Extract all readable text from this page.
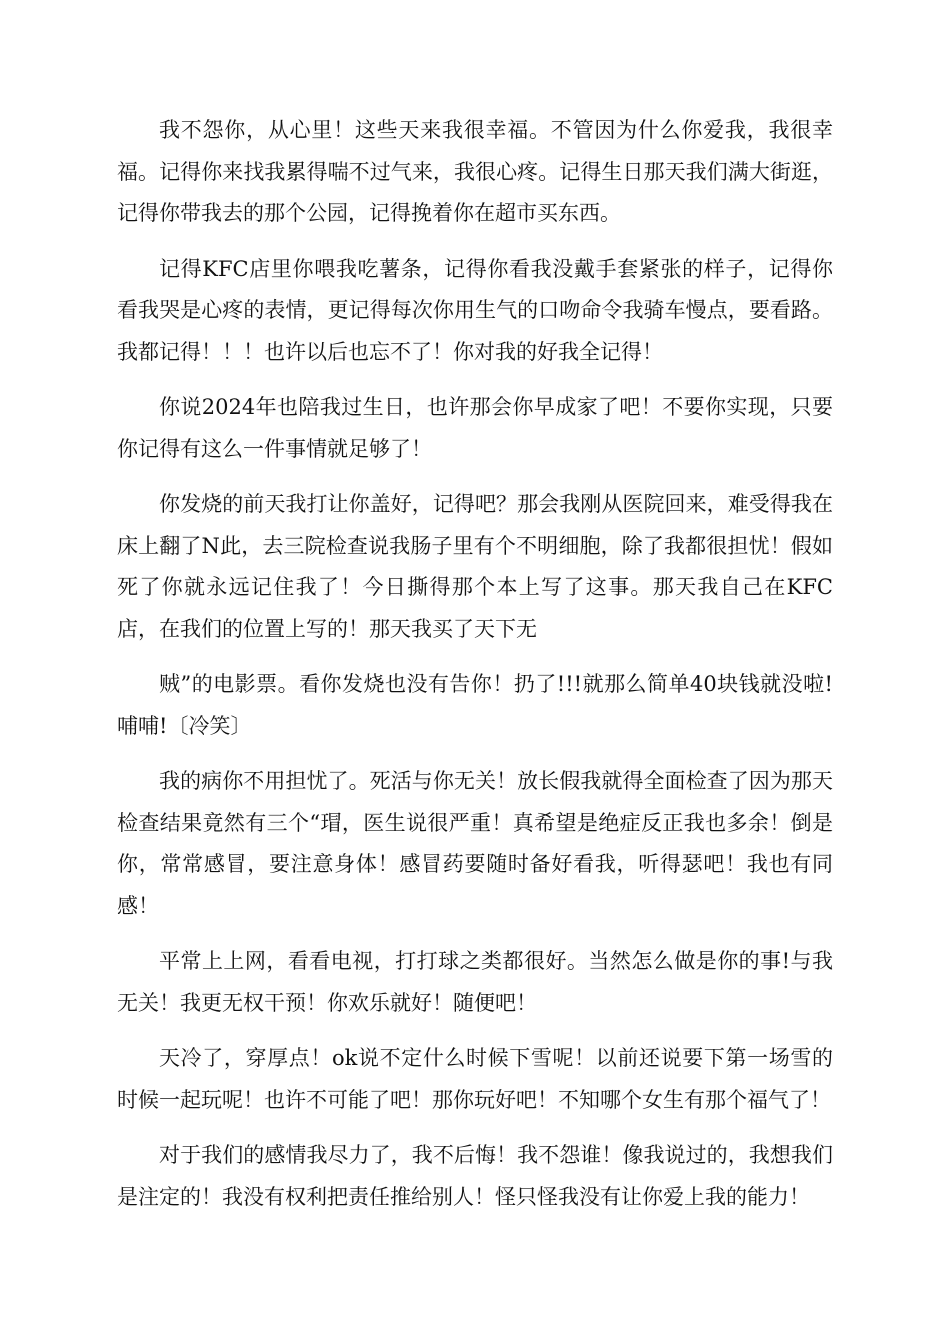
我不怨你，从心里！这些天来我很幸福。不管因为什么你爱我，我很幸福。记得你来找我累得喘不过气来，我很心疼。记得生日那天我们满大街逛，记得你带我去的那个公园，记得挽着你在超市买东西。

记得KFC店里你喂我吃薯条，记得你看我没戴手套紧张的样子，记得你看我哭是心疼的表情，更记得每次你用生气的口吻命令我骑车慢点，要看路。我都记得！！！也许以后也忘不了！你对我的好我全记得！

你说2024年也陪我过生日，也许那会你早成家了吧！不要你实现，只要你记得有这么一件事情就足够了！

你发烧的前天我打让你盖好，记得吧？那会我刚从医院回来，难受得我在床上翻了N此，去三院检查说我肠子里有个不明细胞，除了我都很担忧！假如死了你就永远记住我了！今日撕得那个本上写了这事。那天我自己在KFC店，在我们的位置上写的！那天我买了天下无

贼”的电影票。看你发烧也没有告你！扔了!!!就那么简单40块钱就没啦!哺哺!〔冷笑〕

我的病你不用担忧了。死活与你无关！放长假我就得全面检查了因为那天检查结果竟然有三个“瑁，医生说很严重！真希望是绝症反正我也多余！倒是你，常常感冒，要注意身体！感冒药要随时备好看我，听得瑟吧！我也有同感！

平常上上网，看看电视，打打球之类都很好。当然怎么做是你的事!与我无关！我更无权干预！你欢乐就好！随便吧！

天冷了，穿厚点！ok说不定什么时候下雪呢！以前还说要下第一场雪的时候一起玩呢！也许不可能了吧！那你玩好吧！不知哪个女生有那个福气了！

对于我们的感情我尽力了，我不后悔！我不怨谁！像我说过的，我想我们是注定的！我没有权利把责任推给别人！怪只怪我没有让你爱上我的能力！
